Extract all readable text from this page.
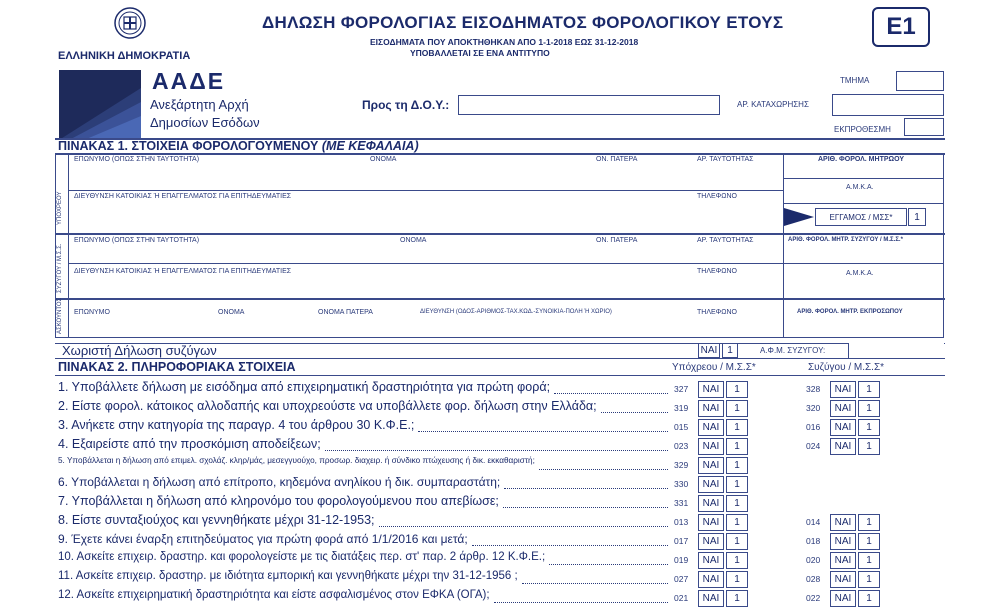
ΕΛΛΗΝΙΚΗ ΔΗΜΟΚΡΑΤΙΑ
ΑΑΔΕ
Ανεξάρτητη Αρχή
Δημοσίων Εσόδων
ΔΗΛΩΣΗ ΦΟΡΟΛΟΓΙΑΣ ΕΙΣΟΔΗΜΑΤΟΣ ΦΟΡΟΛΟΓΙΚΟΥ ΕΤΟΥΣ
ΕΙΣΟΔΗΜΑΤΑ ΠΟΥ ΑΠΟΚΤΗΘΗΚΑΝ ΑΠΟ 1-1-2018 ΕΩΣ 31-12-2018
ΥΠΟΒΑΛΛΕΤΑΙ ΣΕ ΕΝΑ ΑΝΤΙΤΥΠΟ
Ε1
Προς τη Δ.Ο.Υ.:
ΤΜΗΜΑ
ΑΡ. ΚΑΤΑΧΩΡΗΣΗΣ
ΕΚΠΡΟΘΕΣΜΗ
ΠΙΝΑΚΑΣ 1. ΣΤΟΙΧΕΙΑ ΦΟΡΟΛΟΓΟΥΜΕΝΟΥ (ΜΕ ΚΕΦΑΛΑΙΑ)
ΥΠΟΧΡΕΟΥ
ΣΥΖΥΓΟΥ / Μ.Σ.Σ.
ΑΣΚΟΥΝΤΟΣ
ΕΠΩΝΥΜΟ (ΟΠΩΣ ΣΤΗΝ ΤΑΥΤΟΤΗΤΑ)	ΟΝΟΜΑ	ΟΝ. ΠΑΤΕΡΑ	ΑΡ. ΤΑΥΤΟΤΗΤΑΣ	ΑΡΙΘ. ΦΟΡΟΛ. ΜΗΤΡΩΟΥ
ΔΙΕΥΘΥΝΣΗ ΚΑΤΟΙΚΙΑΣ Ή ΕΠΑΓΓΕΛΜΑΤΟΣ ΓΙΑ ΕΠΙΤΗΔΕΥΜΑΤΙΕΣ	ΤΗΛΕΦΩΝΟ
Α.Μ.Κ.Α.
ΕΓΓΑΜΟΣ / ΜΣΣ*	1
ΕΠΩΝΥΜΟ (ΟΠΩΣ ΣΤΗΝ ΤΑΥΤΟΤΗΤΑ)	ΟΝΟΜΑ	ΟΝ. ΠΑΤΕΡΑ	ΑΡ. ΤΑΥΤΟΤΗΤΑΣ	ΑΡΙΘ. ΦΟΡΟΛ. ΜΗΤΡ. ΣΥΖΥΓΟΥ / Μ.Σ.Σ.*
ΔΙΕΥΘΥΝΣΗ ΚΑΤΟΙΚΙΑΣ Ή ΕΠΑΓΓΕΛΜΑΤΟΣ ΓΙΑ ΕΠΙΤΗΔΕΥΜΑΤΙΕΣ	ΤΗΛΕΦΩΝΟ	Α.Μ.Κ.Α.
ΕΠΩΝΥΜΟ	ΟΝΟΜΑ	ΟΝΟΜΑ ΠΑΤΕΡΑ	ΔΙΕΥΘΥΝΣΗ (ΟΔΟΣ-ΑΡΙΘΜΟΣ-ΤΑΧ.ΚΩΔ.-ΣΥΝΟΙΚΙΑ-ΠΟΛΗ Ή ΧΩΡΙΟ)	ΤΗΛΕΦΩΝΟ	ΑΡΙΘ. ΦΟΡΟΛ. ΜΗΤΡ. ΕΚΠΡΟΣΩΠΟΥ
Χωριστή Δήλωση συζύγων	ΝΑΙ 1	Α.Φ.Μ. ΣΥΖΥΓΟΥ:
ΠΙΝΑΚΑΣ 2. ΠΛΗΡΟΦΟΡΙΑΚΑ ΣΤΟΙΧΕΙΑ	Υπόχρεου / Μ.Σ.Σ*	Συζύγου / Μ.Σ.Σ*
1. Υποβάλλετε δήλωση με εισόδημα από επιχειρηματική δραστηριότητα για πρώτη φορά;	327	ΝΑΙ	1	328	ΝΑΙ	1
2. Είστε φορολ. κάτοικος αλλοδαπής και υποχρεούστε να υποβάλλετε φορ. δήλωση στην Ελλάδα;	319	ΝΑΙ	1	320	ΝΑΙ	1
3. Ανήκετε στην κατηγορία της παραγρ. 4 του άρθρου 30 Κ.Φ.Ε.;	015	ΝΑΙ	1	016	ΝΑΙ	1
4. Εξαιρείστε από την προσκόμιση αποδείξεων;	023	ΝΑΙ	1	024	ΝΑΙ	1
5. Υποβάλλεται η δήλωση από επιμελ. σχολάζ. κληρ/μάς, μεσεγγυούχο, προσωρ. διαχειρ. ή σύνδικο πτώχευσης ή δικ. εκκαθαριστή;	329	ΝΑΙ	1
6. Υποβάλλεται η δήλωση από επίτροπο, κηδεμόνα ανηλίκου ή δικ. συμπαραστάτη;	330	ΝΑΙ	1
7. Υποβάλλεται η δήλωση από κληρονόμο του φορολογούμενου που απεβίωσε;	331	ΝΑΙ	1
8. Είστε συνταξιούχος και γεννηθήκατε μέχρι 31-12-1953;	013	ΝΑΙ	1	014	ΝΑΙ	1
9. Έχετε κάνει έναρξη επιτηδεύματος για πρώτη φορά από 1/1/2016 και μετά;	017	ΝΑΙ	1	018	ΝΑΙ	1
10. Ασκείτε επιχειρ. δραστηρ. και φορολογείστε με τις διατάξεις περ. στ' παρ. 2 άρθρ. 12 Κ.Φ.Ε.;	019	ΝΑΙ	1	020	ΝΑΙ	1
11. Ασκείτε επιχειρ. δραστηρ. με ιδιότητα εμπορική και γεννηθήκατε μέχρι την 31-12-1956 ;	027	ΝΑΙ	1	028	ΝΑΙ	1
12. Ασκείτε επιχειρηματική δραστηριότητα και είστε ασφαλισμένος στον ΕΦΚΑ (ΟΓΑ);	021	ΝΑΙ	1	022	ΝΑΙ	1
